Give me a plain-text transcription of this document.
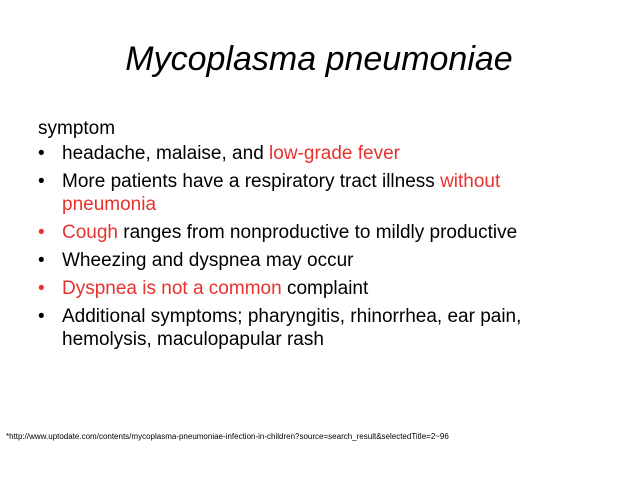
Mycoplasma pneumoniae
symptom
• headache, malaise, and low-grade fever
• More patients have a respiratory tract illness without pneumonia
• Cough ranges from nonproductive to mildly productive
• Wheezing and dyspnea may occur
• Dyspnea is not a common complaint
• Additional symptoms; pharyngitis, rhinorrhea, ear pain, hemolysis, maculopapular rash
*http://www.uptodate.com/contents/mycoplasma-pneumoniae-infection-in-children?source=search_result&selectedTitle=2~96
